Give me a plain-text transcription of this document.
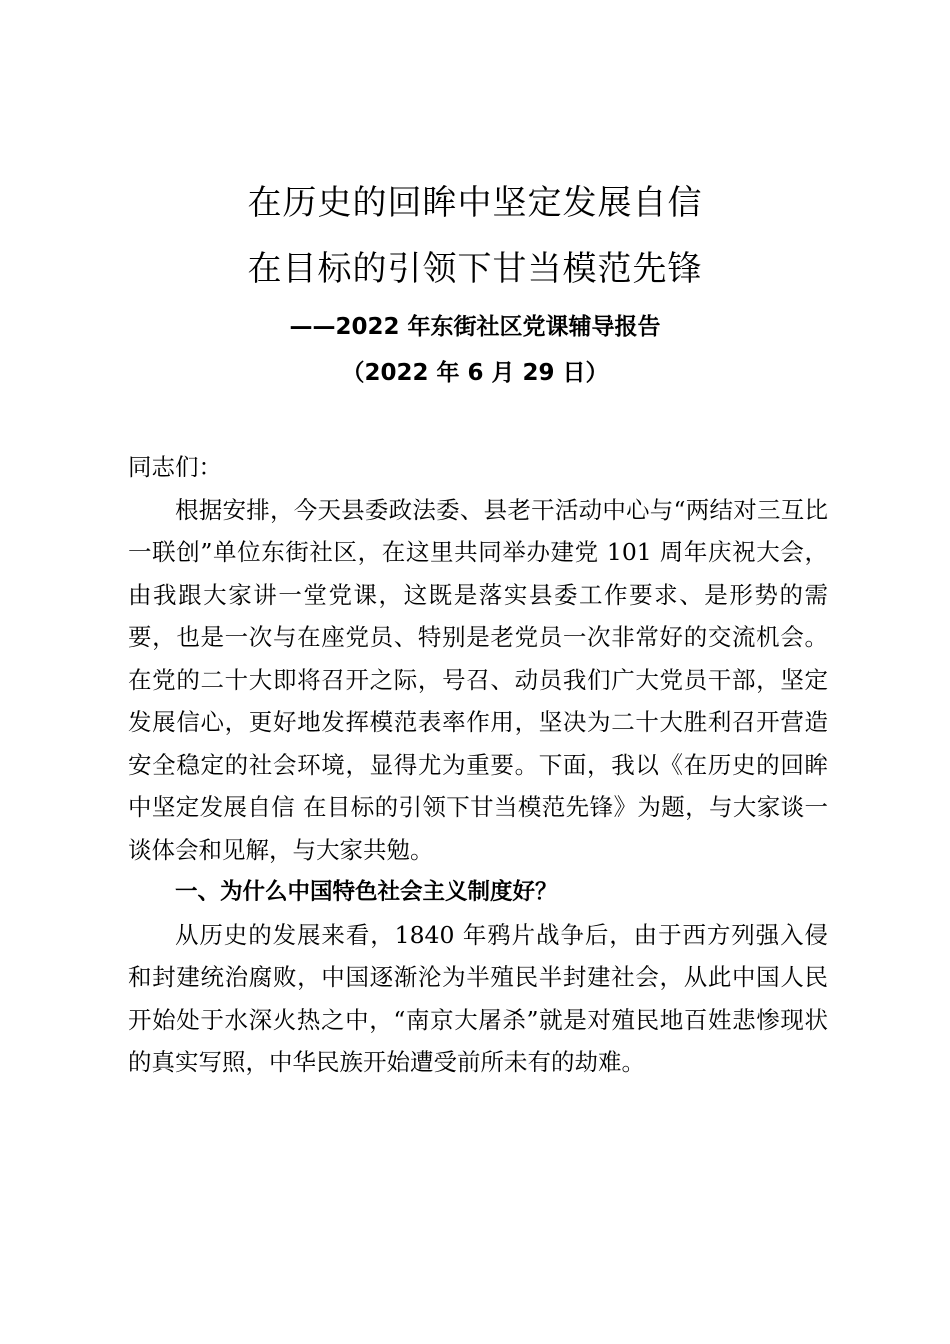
在历史的回眸中坚定发展自信
在目标的引领下甘当模范先锋
——2022 年东街社区党课辅导报告
（2022 年 6 月 29 日）

同志们：

根据安排，今天县委政法委、县老干活动中心与“两结对三互比一联创”单位东街社区，在这里共同举办建党 101 周年庆祝大会，由我跟大家讲一堂党课，这既是落实县委工作要求、是形势的需要，也是一次与在座党员、特别是老党员一次非常好的交流机会。在党的二十大即将召开之际，号召、动员我们广大党员干部，坚定发展信心，更好地发挥模范表率作用，坚决为二十大胜利召开营造安全稳定的社会环境，显得尤为重要。下面，我以《在历史的回眸中坚定发展自信 在目标的引领下甘当模范先锋》为题，与大家谈一谈体会和见解，与大家共勉。

一、为什么中国特色社会主义制度好？

从历史的发展来看，1840 年鸦片战争后，由于西方列强入侵和封建统治腐败，中国逐渐沦为半殖民半封建社会，从此中国人民开始处于水深火热之中，“南京大屠杀”就是对殖民地百姓悲惨现状的真实写照，中华民族开始遭受前所未有的劫难。
